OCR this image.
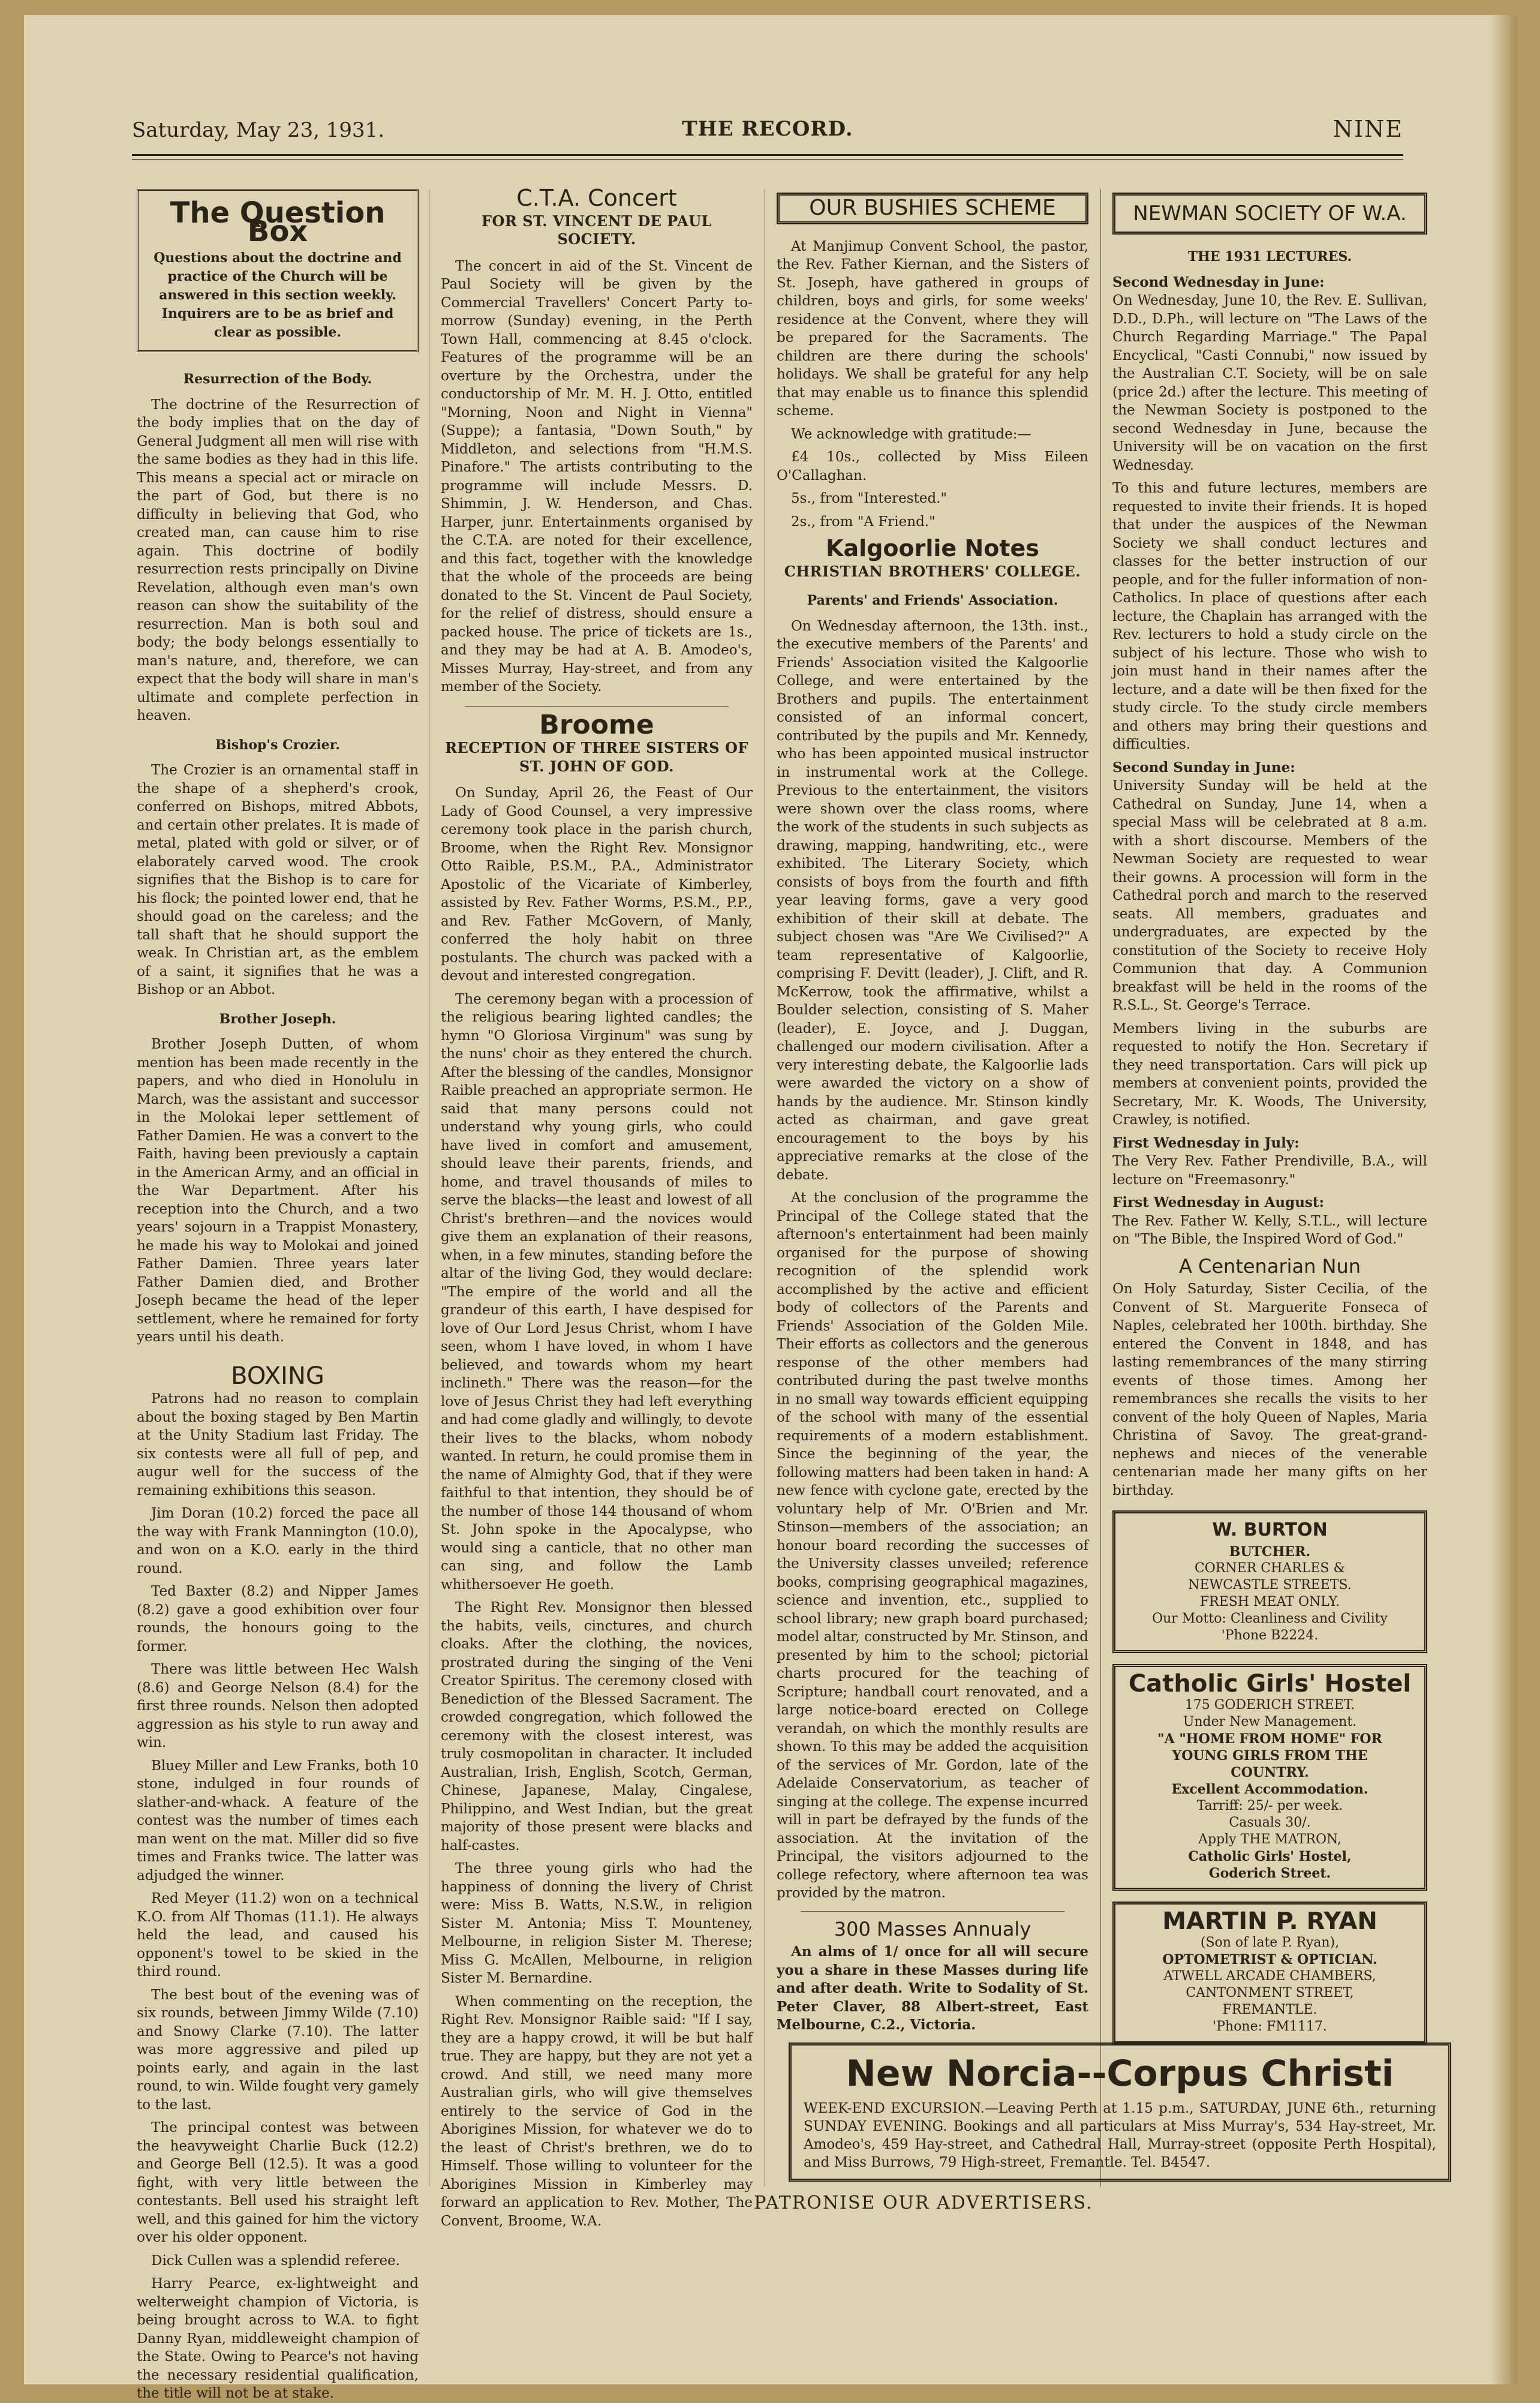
Saturday, May 23, 1931.	THE RECORD.	NINE
The Question Box
Questions about the doctrine and practice of the Church will be answered in this section weekly. Inquirers are to be as brief and clear as possible.
Resurrection of the Body.

The doctrine of the Resurrection of the body implies that on the day of General Judgment all men will rise with the same bodies as they had in this life. This means a special act or miracle on the part of God, but there is no difficulty in believing that God, who created man, can cause him to rise again. This doctrine of bodily resurrection rests principally on Divine Revelation, although even man's own reason can show the suitability of the resurrection. Man is both soul and body; the body belongs essentially to man's nature, and, therefore, we can expect that the body will share in man's ultimate and complete perfection in heaven.

Bishop's Crozier.

The Crozier is an ornamental staff in the shape of a shepherd's crook, conferred on Bishops, mitred Abbots, and certain other prelates. It is made of metal, plated with gold or silver, or of elaborately carved wood. The crook signifies that the Bishop is to care for his flock; the pointed lower end, that he should goad on the careless; and the tall shaft that he should support the weak. In Christian art, as the emblem of a saint, it signifies that he was a Bishop or an Abbot.

Brother Joseph.

Brother Joseph Dutten, of whom mention has been made recently in the papers, and who died in Honolulu in March, was the assistant and successor in the Molokai leper settlement of Father Damien. He was a convert to the Faith, having been previously a captain in the American Army, and an official in the War Department. After his reception into the Church, and a two years' sojourn in a Trappist Monastery, he made his way to Molokai and joined Father Damien. Three years later Father Damien died, and Brother Joseph became the head of the leper settlement, where he remained for forty years until his death.

BOXING

Patrons had no reason to complain about the boxing staged by Ben Martin at the Unity Stadium last Friday. The six contests were all full of pep, and augur well for the success of the remaining exhibitions this season.

Jim Doran (10.2) forced the pace all the way with Frank Mannington (10.0), and won on a K.O. early in the third round.

Ted Baxter (8.2) and Nipper James (8.2) gave a good exhibition over four rounds, the honours going to the former.

There was little between Hec Walsh (8.6) and George Nelson (8.4) for the first three rounds. Nelson then adopted aggression as his style to run away and win.

Bluey Miller and Lew Franks, both 10 stone, indulged in four rounds of slather-and-whack. A feature of the contest was the number of times each man went on the mat. Miller did so five times and Franks twice. The latter was adjudged the winner.

Red Meyer (11.2) won on a technical K.O. from Alf Thomas (11.1). He always held the lead, and caused his opponent's towel to be skied in the third round.

The best bout of the evening was of six rounds, between Jimmy Wilde (7.10) and Snowy Clarke (7.10). The latter was more aggressive and piled up points early, and again in the last round, to win. Wilde fought very gamely to the last.

The principal contest was between the heavyweight Charlie Buck (12.2) and George Bell (12.5). It was a good fight, with very little between the contestants. Bell used his straight left well, and this gained for him the victory over his older opponent.

Dick Cullen was a splendid referee.

Harry Pearce, ex-lightweight and welterweight champion of Victoria, is being brought across to W.A. to fight Danny Ryan, middleweight champion of the State. Owing to Pearce's not having the necessary residential qualification, the title will not be at stake.

C.T.A. Concert
FOR ST. VINCENT DE PAUL SOCIETY.

The concert in aid of the St. Vincent de Paul Society will be given by the Commercial Travellers' Concert Party to-morrow (Sunday) evening, in the Perth Town Hall, commencing at 8.45 o'clock. Features of the programme will be an overture by the Orchestra, under the conductorship of Mr. M. H. J. Otto, entitled "Morning, Noon and Night in Vienna" (Suppe); a fantasia, "Down South," by Middleton, and selections from "H.M.S. Pinafore." The artists contributing to the programme will include Messrs. D. Shimmin, J. W. Henderson, and Chas. Harper, junr. Entertainments organised by the C.T.A. are noted for their excellence, and this fact, together with the knowledge that the whole of the proceeds are being donated to the St. Vincent de Paul Society, for the relief of distress, should ensure a packed house. The price of tickets are 1s., and they may be had at A. B. Amodeo's, Misses Murray, Hay-street, and from any member of the Society.

Broome
RECEPTION OF THREE SISTERS OF ST. JOHN OF GOD.

On Sunday, April 26, the Feast of Our Lady of Good Counsel, a very impressive ceremony took place in the parish church, Broome, when the Right Rev. Monsignor Otto Raible, P.S.M., P.A., Administrator Apostolic of the Vicariate of Kimberley, assisted by Rev. Father Worms, P.S.M., P.P., and Rev. Father McGovern, of Manly, conferred the holy habit on three postulants. The church was packed with a devout and interested congregation.

The ceremony began with a procession of the religious bearing lighted candles; the hymn "O Gloriosa Virginum" was sung by the nuns' choir as they entered the church. After the blessing of the candles, Monsignor Raible preached an appropriate sermon. He said that many persons could not understand why young girls, who could have lived in comfort and amusement, should leave their parents, friends, and home, and travel thousands of miles to serve the blacks—the least and lowest of all Christ's brethren—and the novices would give them an explanation of their reasons, when, in a few minutes, standing before the altar of the living God, they would declare: "The empire of the world and all the grandeur of this earth, I have despised for love of Our Lord Jesus Christ, whom I have seen, whom I have loved, in whom I have believed, and towards whom my heart inclineth." There was the reason—for the love of Jesus Christ they had left everything and had come gladly and willingly, to devote their lives to the blacks, whom nobody wanted. In return, he could promise them in the name of Almighty God, that if they were faithful to that intention, they should be of the number of those 144 thousand of whom St. John spoke in the Apocalypse, who would sing a canticle, that no other man can sing, and follow the Lamb whithersoever He goeth.

The Right Rev. Monsignor then blessed the habits, veils, cinctures, and church cloaks. After the clothing, the novices, prostrated during the singing of the Veni Creator Spiritus. The ceremony closed with Benediction of the Blessed Sacrament. The crowded congregation, which followed the ceremony with the closest interest, was truly cosmopolitan in character. It included Australian, Irish, English, Scotch, German, Chinese, Japanese, Malay, Cingalese, Philippino, and West Indian, but the great majority of those present were blacks and half-castes.

The three young girls who had the happiness of donning the livery of Christ were: Miss B. Watts, N.S.W., in religion Sister M. Antonia; Miss T. Mounteney, Melbourne, in religion Sister M. Therese; Miss G. McAllen, Melbourne, in religion Sister M. Bernardine.

When commenting on the reception, the Right Rev. Monsignor Raible said: "If I say, they are a happy crowd, it will be but half true. They are happy, but they are not yet a crowd. And still, we need many more Australian girls, who will give themselves entirely to the service of God in the Aborigines Mission, for whatever we do to the least of Christ's brethren, we do to Himself. Those willing to volunteer for the Aborigines Mission in Kimberley may forward an application to Rev. Mother, The Convent, Broome, W.A.

OUR BUSHIES SCHEME

At Manjimup Convent School, the pastor, the Rev. Father Kiernan, and the Sisters of St. Joseph, have gathered in groups of children, boys and girls, for some weeks' residence at the Convent, where they will be prepared for the Sacraments. The children are there during the schools' holidays. We shall be grateful for any help that may enable us to finance this splendid scheme.

We acknowledge with gratitude:—

£4 10s., collected by Miss Eileen O'Callaghan.

5s., from "Interested."

2s., from "A Friend."

Kalgoorlie Notes
CHRISTIAN BROTHERS' COLLEGE.
Parents' and Friends' Association.

On Wednesday afternoon, the 13th. inst., the executive members of the Parents' and Friends' Association visited the Kalgoorlie College, and were entertained by the Brothers and pupils. The entertainment consisted of an informal concert, contributed by the pupils and Mr. Kennedy, who has been appointed musical instructor in instrumental work at the College. Previous to the entertainment, the visitors were shown over the class rooms, where the work of the students in such subjects as drawing, mapping, handwriting, etc., were exhibited. The Literary Society, which consists of boys from the fourth and fifth year leaving forms, gave a very good exhibition of their skill at debate. The subject chosen was "Are We Civilised?" A team representative of Kalgoorlie, comprising F. Devitt (leader), J. Clift, and R. McKerrow, took the affirmative, whilst a Boulder selection, consisting of S. Maher (leader), E. Joyce, and J. Duggan, challenged our modern civilisation. After a very interesting debate, the Kalgoorlie lads were awarded the victory on a show of hands by the audience. Mr. Stinson kindly acted as chairman, and gave great encouragement to the boys by his appreciative remarks at the close of the debate.

At the conclusion of the programme the Principal of the College stated that the afternoon's entertainment had been mainly organised for the purpose of showing recognition of the splendid work accomplished by the active and efficient body of collectors of the Parents and Friends' Association of the Golden Mile. Their efforts as collectors and the generous response of the other members had contributed during the past twelve months in no small way towards efficient equipping of the school with many of the essential requirements of a modern establishment. Since the beginning of the year, the following matters had been taken in hand: A new fence with cyclone gate, erected by the voluntary help of Mr. O'Brien and Mr. Stinson—members of the association; an honour board recording the successes of the University classes unveiled; reference books, comprising geographical magazines, science and invention, etc., supplied to school library; new graph board purchased; model altar, constructed by Mr. Stinson, and presented by him to the school; pictorial charts procured for the teaching of Scripture; handball court renovated, and a large notice-board erected on College verandah, on which the monthly results are shown. To this may be added the acquisition of the services of Mr. Gordon, late of the Adelaide Conservatorium, as teacher of singing at the college. The expense incurred will in part be defrayed by the funds of the association. At the invitation of the Principal, the visitors adjourned to the college refectory, where afternoon tea was provided by the matron.

300 Masses Annualy

An alms of 1/ once for all will secure you a share in these Masses during life and after death. Write to Sodality of St. Peter Claver, 88 Albert-street, East Melbourne, C.2., Victoria.

NEWMAN SOCIETY OF W.A.
THE 1931 LECTURES.
Second Wednesday in June:

On Wednesday, June 10, the Rev. E. Sullivan, D.D., D.Ph., will lecture on "The Laws of the Church Regarding Marriage." The Papal Encyclical, "Casti Connubi," now issued by the Australian C.T. Society, will be on sale (price 2d.) after the lecture. This meeting of the Newman Society is postponed to the second Wednesday in June, because the University will be on vacation on the first Wednesday.

To this and future lectures, members are requested to invite their friends. It is hoped that under the auspices of the Newman Society we shall conduct lectures and classes for the better instruction of our people, and for the fuller information of non-Catholics. In place of questions after each lecture, the Chaplain has arranged with the Rev. lecturers to hold a study circle on the subject of his lecture. Those who wish to join must hand in their names after the lecture, and a date will be then fixed for the study circle. To the study circle members and others may bring their questions and difficulties.

Second Sunday in June:

University Sunday will be held at the Cathedral on Sunday, June 14, when a special Mass will be celebrated at 8 a.m. with a short discourse. Members of the Newman Society are requested to wear their gowns. A procession will form in the Cathedral porch and march to the reserved seats. All members, graduates and undergraduates, are expected by the constitution of the Society to receive Holy Communion that day. A Communion breakfast will be held in the rooms of the R.S.L., St. George's Terrace.

Members living in the suburbs are requested to notify the Hon. Secretary if they need transportation. Cars will pick up members at convenient points, provided the Secretary, Mr. K. Woods, The University, Crawley, is notified.

First Wednesday in July:

The Very Rev. Father Prendiville, B.A., will lecture on "Freemasonry."

First Wednesday in August:

The Rev. Father W. Kelly, S.T.L., will lecture on "The Bible, the Inspired Word of God."

A Centenarian Nun

On Holy Saturday, Sister Cecilia, of the Convent of St. Marguerite Fonseca of Naples, celebrated her 100th. birthday. She entered the Convent in 1848, and has lasting remembrances of the many stirring events of those times. Among her remembrances she recalls the visits to her convent of the holy Queen of Naples, Maria Christina of Savoy. The great-grand-nephews and nieces of the venerable centenarian made her many gifts on her birthday.

W. BURTON
BUTCHER.
CORNER CHARLES &
NEWCASTLE STREETS.
FRESH MEAT ONLY.
Our Motto: Cleanliness and Civility
'Phone B2224.
Catholic Girls' Hostel
175 GODERICH STREET.
Under New Management.
"A "HOME FROM HOME" FOR
YOUNG GIRLS FROM THE
COUNTRY.
Excellent Accommodation.
Tarriff: 25/- per week.
Casuals 30/.
Apply THE MATRON,
Catholic Girls' Hostel,
Goderich Street.
MARTIN P. RYAN
(Son of late P. Ryan),
OPTOMETRIST & OPTICIAN.
ATWELL ARCADE CHAMBERS,
CANTONMENT STREET,
FREMANTLE.
'Phone: FM1117.
New Norcia--Corpus Christi
WEEK-END EXCURSION.—Leaving Perth at 1.15 p.m., SATURDAY, JUNE 6th., returning SUNDAY EVENING. Bookings and all particulars at Miss Murray's, 534 Hay-street, Mr. Amodeo's, 459 Hay-street, and Cathedral Hall, Murray-street (opposite Perth Hospital), and Miss Burrows, 79 High-street, Fremantle. Tel. B4547.
PATRONISE OUR ADVERTISERS.
